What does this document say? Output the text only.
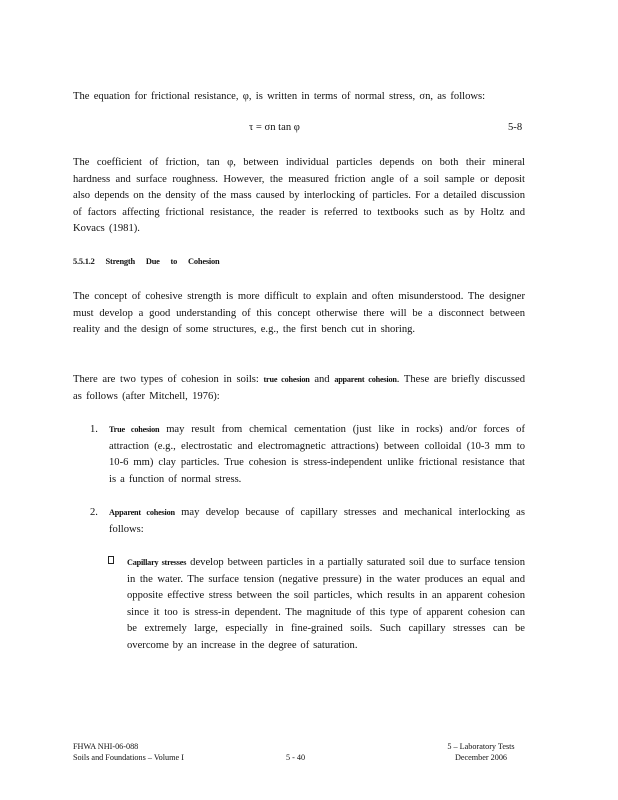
The equation for frictional resistance, φ, is written in terms of normal stress, σn, as follows:

τ = σn tan φ	5-8

The coefficient of friction, tan φ, between individual particles depends on both their mineral hardness and surface roughness. However, the measured friction angle of a soil sample or deposit also depends on the density of the mass caused by interlocking of particles. For a detailed discussion of factors affecting frictional resistance, the reader is referred to textbooks such as by Holtz and Kovacs (1981).

5.5.1.2 Strength Due to Cohesion

The concept of cohesive strength is more difficult to explain and often misunderstood. The designer must develop a good understanding of this concept otherwise there will be a disconnect between reality and the design of some structures, e.g., the first bench cut in shoring.

There are two types of cohesion in soils: true cohesion and apparent cohesion. These are briefly discussed as follows (after Mitchell, 1976):

1. True cohesion may result from chemical cementation (just like in rocks) and/or forces of attraction (e.g., electrostatic and electromagnetic attractions) between colloidal (10-3 mm to 10-6 mm) clay particles. True cohesion is stress-independent unlike frictional resistance that is a function of normal stress.
2. Apparent cohesion may develop because of capillary stresses and mechanical interlocking as follows:
Capillary stresses develop between particles in a partially saturated soil due to surface tension in the water. The surface tension (negative pressure) in the water produces an equal and opposite effective stress between the soil particles, which results in an apparent cohesion since it too is stress-in dependent. The magnitude of this type of apparent cohesion can be extremely large, especially in fine-grained soils. Such capillary stresses can be overcome by an increase in the degree of saturation.
FHWA NHI-06-088
Soils and Foundations – Volume I	5 - 40
5 – Laboratory Tests
December 2006
